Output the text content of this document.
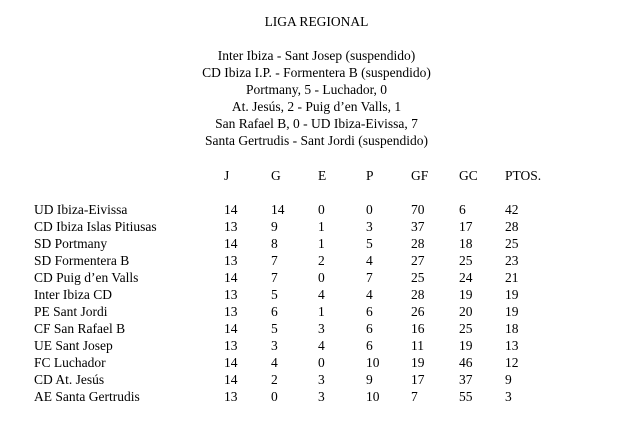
LIGA REGIONAL
Inter Ibiza - Sant Josep (suspendido)
CD Ibiza I.P. - Formentera B (suspendido)
Portmany, 5 - Luchador, 0
At. Jesús, 2 - Puig d’en Valls, 1
San Rafael B, 0 - UD Ibiza-Eivissa, 7
Santa Gertrudis - Sant Jordi (suspendido)
	J	G	E	P	GF	GC	PTOS.
UD Ibiza-Eivissa	14	14	0	0	70	6	42
CD Ibiza Islas Pitiusas	13	9	1	3	37	17	28
SD Portmany	14	8	1	5	28	18	25
SD Formentera B	13	7	2	4	27	25	23
CD Puig d’en Valls	14	7	0	7	25	24	21
Inter Ibiza CD	13	5	4	4	28	19	19
PE Sant Jordi	13	6	1	6	26	20	19
CF San Rafael B	14	5	3	6	16	25	18
UE Sant Josep	13	3	4	6	11	19	13
FC Luchador	14	4	0	10	19	46	12
CD At. Jesús	14	2	3	9	17	37	9
AE Santa Gertrudis	13	0	3	10	7	55	3
